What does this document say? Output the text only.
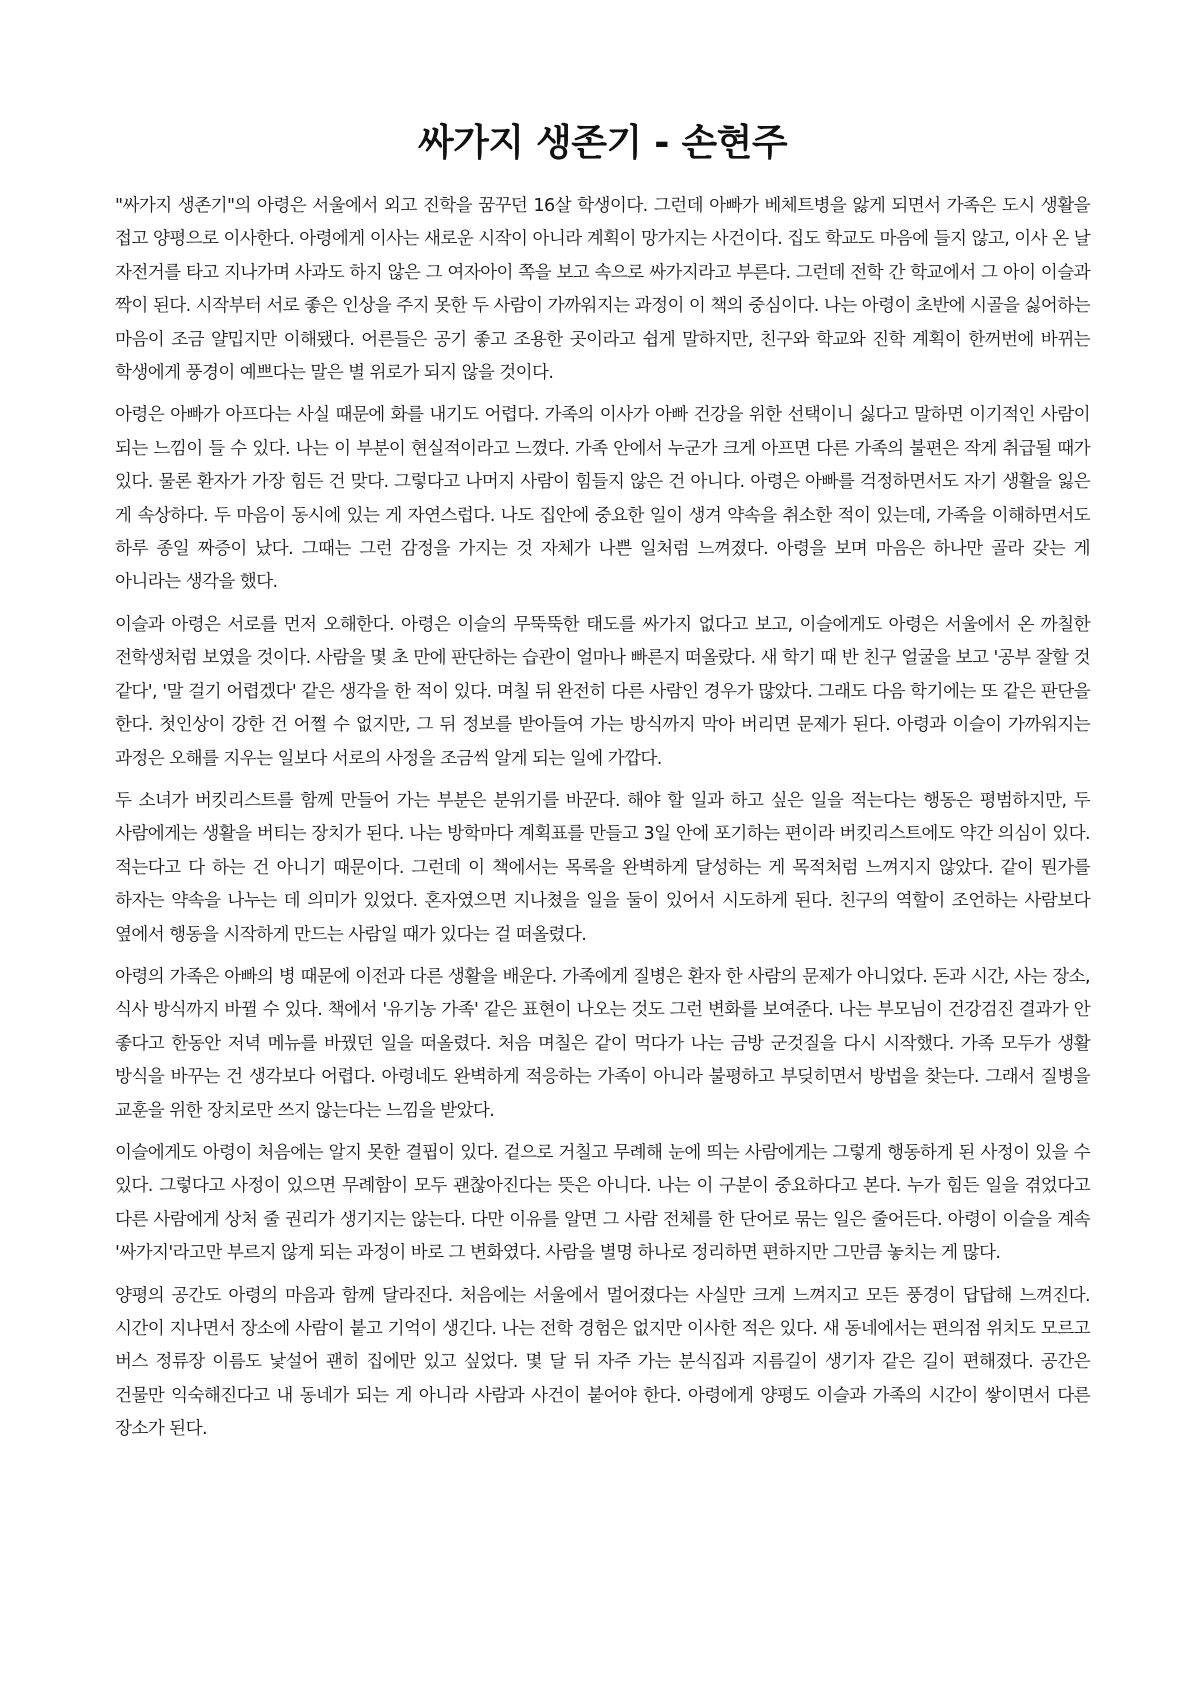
싸가지 생존기 - 손현주

"싸가지 생존기"의 아령은 서울에서 외고 진학을 꿈꾸던 16살 학생이다. 그런데 아빠가 베체트병을 앓게 되면서 가족은 도시 생활을 접고 양평으로 이사한다. 아령에게 이사는 새로운 시작이 아니라 계획이 망가지는 사건이다. 집도 학교도 마음에 들지 않고, 이사 온 날 자전거를 타고 지나가며 사과도 하지 않은 그 여자아이 쪽을 보고 속으로 싸가지라고 부른다. 그런데 전학 간 학교에서 그 아이 이슬과 짝이 된다. 시작부터 서로 좋은 인상을 주지 못한 두 사람이 가까워지는 과정이 이 책의 중심이다. 나는 아령이 초반에 시골을 싫어하는 마음이 조금 얄밉지만 이해됐다. 어른들은 공기 좋고 조용한 곳이라고 쉽게 말하지만, 친구와 학교와 진학 계획이 한꺼번에 바뀌는 학생에게 풍경이 예쁘다는 말은 별 위로가 되지 않을 것이다.

아령은 아빠가 아프다는 사실 때문에 화를 내기도 어렵다. 가족의 이사가 아빠 건강을 위한 선택이니 싫다고 말하면 이기적인 사람이 되는 느낌이 들 수 있다. 나는 이 부분이 현실적이라고 느꼈다. 가족 안에서 누군가 크게 아프면 다른 가족의 불편은 작게 취급될 때가 있다. 물론 환자가 가장 힘든 건 맞다. 그렇다고 나머지 사람이 힘들지 않은 건 아니다. 아령은 아빠를 걱정하면서도 자기 생활을 잃은 게 속상하다. 두 마음이 동시에 있는 게 자연스럽다. 나도 집안에 중요한 일이 생겨 약속을 취소한 적이 있는데, 가족을 이해하면서도 하루 종일 짜증이 났다. 그때는 그런 감정을 가지는 것 자체가 나쁜 일처럼 느껴졌다. 아령을 보며 마음은 하나만 골라 갖는 게 아니라는 생각을 했다.

이슬과 아령은 서로를 먼저 오해한다. 아령은 이슬의 무뚝뚝한 태도를 싸가지 없다고 보고, 이슬에게도 아령은 서울에서 온 까칠한 전학생처럼 보였을 것이다. 사람을 몇 초 만에 판단하는 습관이 얼마나 빠른지 떠올랐다. 새 학기 때 반 친구 얼굴을 보고 '공부 잘할 것 같다', '말 걸기 어렵겠다' 같은 생각을 한 적이 있다. 며칠 뒤 완전히 다른 사람인 경우가 많았다. 그래도 다음 학기에는 또 같은 판단을 한다. 첫인상이 강한 건 어쩔 수 없지만, 그 뒤 정보를 받아들여 가는 방식까지 막아 버리면 문제가 된다. 아령과 이슬이 가까워지는 과정은 오해를 지우는 일보다 서로의 사정을 조금씩 알게 되는 일에 가깝다.

두 소녀가 버킷리스트를 함께 만들어 가는 부분은 분위기를 바꾼다. 해야 할 일과 하고 싶은 일을 적는다는 행동은 평범하지만, 두 사람에게는 생활을 버티는 장치가 된다. 나는 방학마다 계획표를 만들고 3일 안에 포기하는 편이라 버킷리스트에도 약간 의심이 있다. 적는다고 다 하는 건 아니기 때문이다. 그런데 이 책에서는 목록을 완벽하게 달성하는 게 목적처럼 느껴지지 않았다. 같이 뭔가를 하자는 약속을 나누는 데 의미가 있었다. 혼자였으면 지나쳤을 일을 둘이 있어서 시도하게 된다. 친구의 역할이 조언하는 사람보다 옆에서 행동을 시작하게 만드는 사람일 때가 있다는 걸 떠올렸다.

아령의 가족은 아빠의 병 때문에 이전과 다른 생활을 배운다. 가족에게 질병은 환자 한 사람의 문제가 아니었다. 돈과 시간, 사는 장소, 식사 방식까지 바뀔 수 있다. 책에서 '유기농 가족' 같은 표현이 나오는 것도 그런 변화를 보여준다. 나는 부모님이 건강검진 결과가 안 좋다고 한동안 저녁 메뉴를 바꿨던 일을 떠올렸다. 처음 며칠은 같이 먹다가 나는 금방 군것질을 다시 시작했다. 가족 모두가 생활 방식을 바꾸는 건 생각보다 어렵다. 아령네도 완벽하게 적응하는 가족이 아니라 불평하고 부딪히면서 방법을 찾는다. 그래서 질병을 교훈을 위한 장치로만 쓰지 않는다는 느낌을 받았다.

이슬에게도 아령이 처음에는 알지 못한 결핍이 있다. 겉으로 거칠고 무례해 눈에 띄는 사람에게는 그렇게 행동하게 된 사정이 있을 수 있다. 그렇다고 사정이 있으면 무례함이 모두 괜찮아진다는 뜻은 아니다. 나는 이 구분이 중요하다고 본다. 누가 힘든 일을 겪었다고 다른 사람에게 상처 줄 권리가 생기지는 않는다. 다만 이유를 알면 그 사람 전체를 한 단어로 묶는 일은 줄어든다. 아령이 이슬을 계속 '싸가지'라고만 부르지 않게 되는 과정이 바로 그 변화였다. 사람을 별명 하나로 정리하면 편하지만 그만큼 놓치는 게 많다.

양평의 공간도 아령의 마음과 함께 달라진다. 처음에는 서울에서 멀어졌다는 사실만 크게 느껴지고 모든 풍경이 답답해 느껴진다. 시간이 지나면서 장소에 사람이 붙고 기억이 생긴다. 나는 전학 경험은 없지만 이사한 적은 있다. 새 동네에서는 편의점 위치도 모르고 버스 정류장 이름도 낯설어 괜히 집에만 있고 싶었다. 몇 달 뒤 자주 가는 분식집과 지름길이 생기자 같은 길이 편해졌다. 공간은 건물만 익숙해진다고 내 동네가 되는 게 아니라 사람과 사건이 붙어야 한다. 아령에게 양평도 이슬과 가족의 시간이 쌓이면서 다른 장소가 된다.
